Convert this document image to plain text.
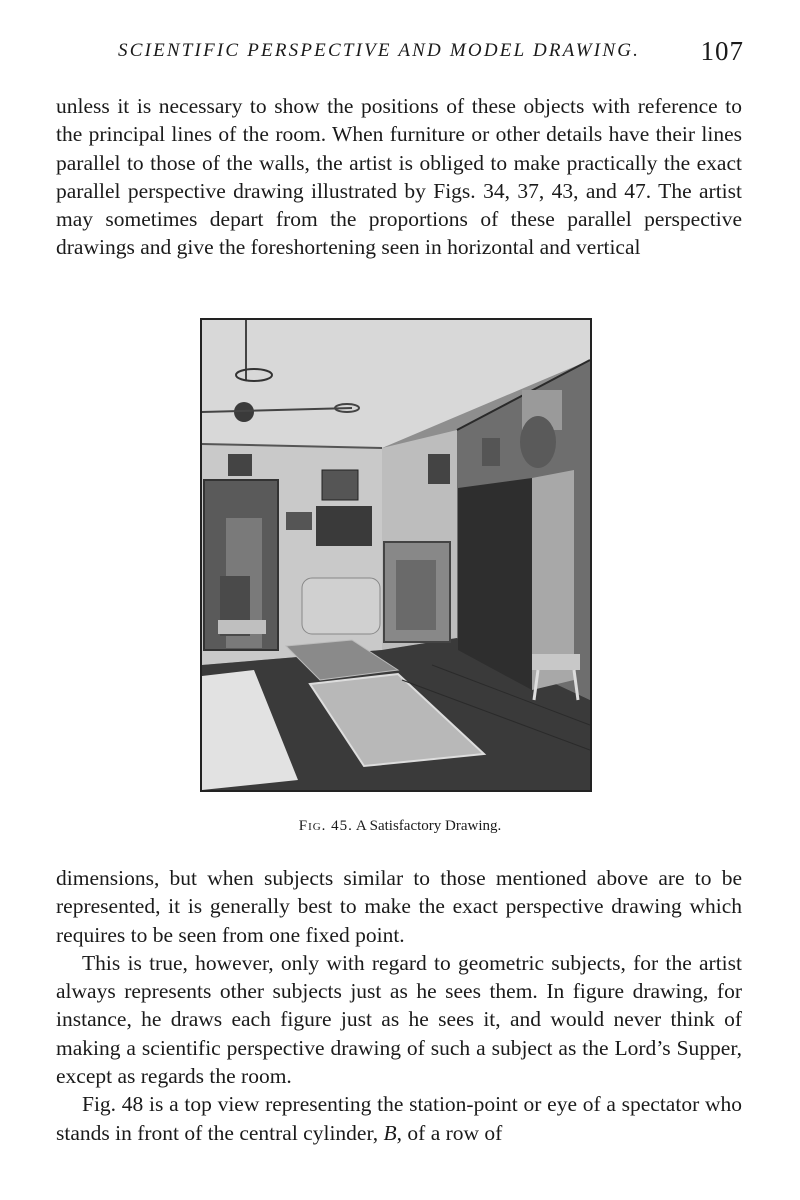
SCIENTIFIC PERSPECTIVE AND MODEL DRAWING. 107

unless it is necessary to show the positions of these objects with reference to the principal lines of the room. When furniture or other details have their lines parallel to those of the walls, the artist is obliged to make practically the exact parallel perspective drawing illustrated by Figs. 34, 37, 43, and 47. The artist may sometimes depart from the proportions of these parallel perspective drawings and give the foreshortening seen in horizontal and vertical

Fig. 45. A Satisfactory Drawing.

dimensions, but when subjects similar to those mentioned above are to be represented, it is generally best to make the exact perspective drawing which requires to be seen from one fixed point.

This is true, however, only with regard to geometric subjects, for the artist always represents other subjects just as he sees them. In figure drawing, for instance, he draws each figure just as he sees it, and would never think of making a scientific perspective drawing of such a subject as the Lord’s Supper, except as regards the room.

Fig. 48 is a top view representing the station-point or eye of a spectator who stands in front of the central cylinder, B, of a row of
